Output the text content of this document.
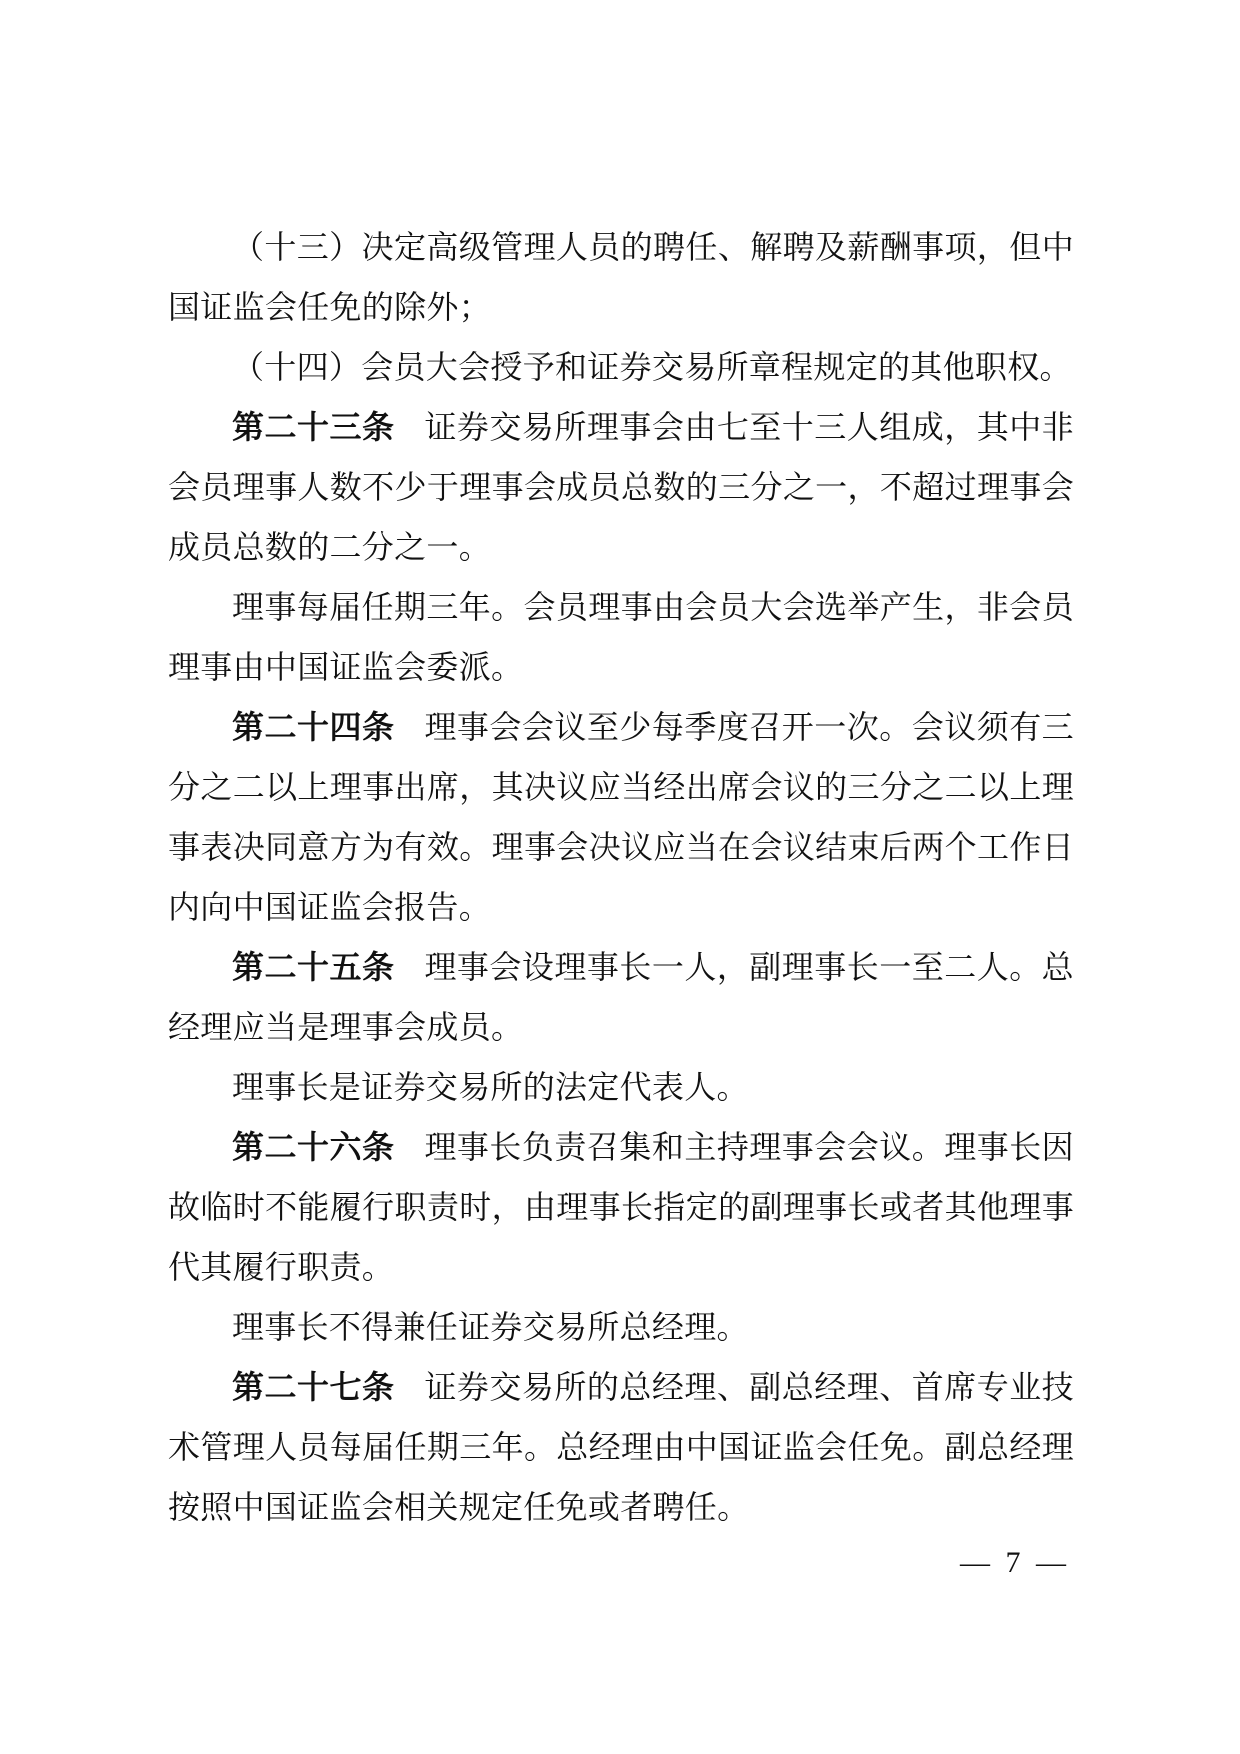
（十三）决定高级管理人员的聘任、解聘及薪酬事项，但中国证监会任免的除外；

（十四）会员大会授予和证券交易所章程规定的其他职权。

第二十三条 证券交易所理事会由七至十三人组成，其中非会员理事人数不少于理事会成员总数的三分之一，不超过理事会成员总数的二分之一。

理事每届任期三年。会员理事由会员大会选举产生，非会员理事由中国证监会委派。

第二十四条 理事会会议至少每季度召开一次。会议须有三分之二以上理事出席，其决议应当经出席会议的三分之二以上理事表决同意方为有效。理事会决议应当在会议结束后两个工作日内向中国证监会报告。

第二十五条 理事会设理事长一人，副理事长一至二人。总经理应当是理事会成员。

理事长是证券交易所的法定代表人。

第二十六条 理事长负责召集和主持理事会会议。理事长因故临时不能履行职责时，由理事长指定的副理事长或者其他理事代其履行职责。

理事长不得兼任证券交易所总经理。

第二十七条 证券交易所的总经理、副总经理、首席专业技术管理人员每届任期三年。总经理由中国证监会任免。副总经理按照中国证监会相关规定任免或者聘任。

— 7 —
